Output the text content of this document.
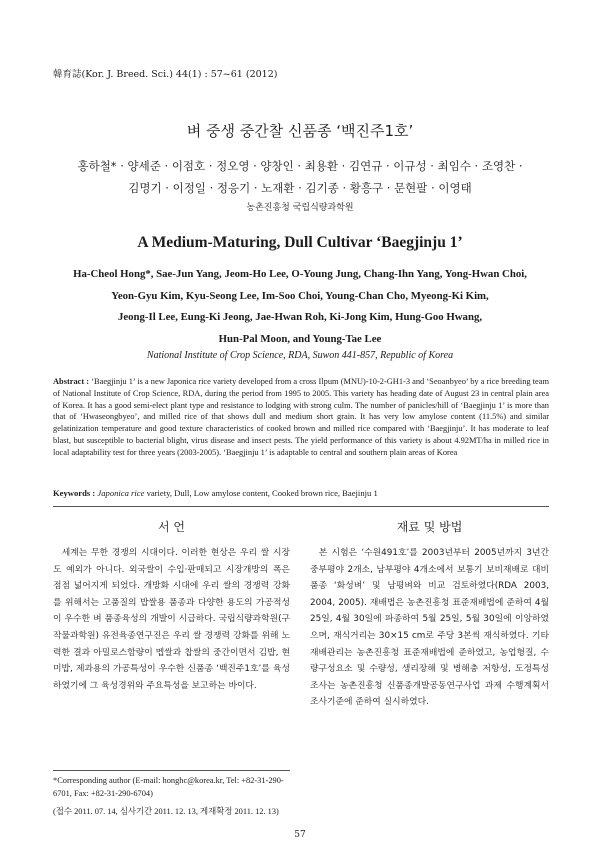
韓育誌(Kor. J. Breed. Sci.) 44(1) : 57~61 (2012)
벼 중생 중간찰 신품종 ‘백진주1호’
홍하철* · 양세준 · 이점호 · 정오영 · 양창인 · 최용환 · 김연규 · 이규성 · 최임수 · 조영찬 ·
김명기 · 이정일 · 정응기 · 노재환 · 김기종 · 황흥구 · 문현팔 · 이영태
농촌진흥청 국립식량과학원
A Medium-Maturing, Dull Cultivar ‘Baegjinju 1’
Ha-Cheol Hong*, Sae-Jun Yang, Jeom-Ho Lee, O-Young Jung, Chang-Ihn Yang, Yong-Hwan Choi,
Yeon-Gyu Kim, Kyu-Seong Lee, Im-Soo Choi, Young-Chan Cho, Myeong-Ki Kim,
Jeong-Il Lee, Eung-Ki Jeong, Jae-Hwan Roh, Ki-Jong Kim, Hung-Goo Hwang,
Hun-Pal Moon, and Young-Tae Lee
National Institute of Crop Science, RDA, Suwon 441-857, Republic of Korea
Abstract : ‘Baegjinju 1’ is a new Japonica rice variety developed from a cross Ilpum (MNU)-10-2-GH1-3 and ‘Seoanbyeo’ by a rice breeding team of National Institute of Crop Science, RDA, during the period from 1995 to 2005. This variety has heading date of August 23 in central plain area of Korea. It has a good semi-elect plant type and resistance to lodging with strong culm. The number of panicles/hill of ‘Baegjinju 1’ is more than that of ‘Hwaseongbyeo’, and milled rice of that shows dull and medium short grain. It has very low amylose content (11.5%) and similar gelatinization temperature and good texture characteristics of cooked brown and milled rice compared with ‘Baegjinju’. It has moderate to leaf blast, but susceptible to bacterial blight, virus disease and insect pests. The yield performance of this variety is about 4.92MT/ha in milled rice in local adaptability test for three years (2003-2005). ‘Baegjinju 1’ is adaptable to central and southern plain areas of Korea
Keywords : Japonica rice variety, Dull, Low amylose content, Cooked brown rice, Baejinju 1
서 언	재료 및 방법
세계는 무한 경쟁의 시대이다. 이러한 현상은 우리 쌀 시장도 예외가 아니다. 외국쌀이 수입·판매되고 시장개방의 폭은 점점 넓어지게 되었다. 개방화 시대에 우리 쌀의 경쟁력 강화를 위해서는 고품질의 밥쌀용 품종과 다양한 용도의 가공적성이 우수한 벼 품종육성의 개발이 시급하다. 국립식량과학원(구 작물과학원) 유전육종연구진은 우리 쌀 경쟁력 강화를 위해 노력한 결과 아밀로스함량이 멥쌀과 찹쌀의 중간이면서 김밥, 현미밥, 제과용의 가공특성이 우수한 신품종 ‘백진주1호’를 육성하였기에 그 육성경위와 주요특성을 보고하는 바이다.
본 시험은 ‘수원491호’를 2003년부터 2005년까지 3년간 중부평야 2개소, 남부평야 4개소에서 보통기 보비재배로 대비품종 ‘화성벼’ 및 남평벼와 비교 검토하였다(RDA 2003, 2004, 2005). 재배법은 농촌진흥청 표준재배법에 준하여 4월 25일, 4월 30일에 파종하여 5월 25일, 5월 30일에 이앙하였으며, 재식거리는 30×15 cm로 주당 3본씩 재식하였다. 기타 재배관리는 농촌진흥청 표준재배법에 준하였고, 농업형질, 수량구성요소 및 수량성, 생리장해 및 병해충 저항성, 도정특성 조사는 농촌진흥청 신품종개발공동연구사업 과제 수행계획서 조사기준에 준하여 실시하였다.
*Corresponding author (E-mail: honghc@korea.kr, Tel: +82-31-290-6701, Fax: +82-31-290-6704)
(접수 2011. 07. 14, 심사기간 2011. 12. 13, 게재확정 2011. 12. 13)
57
